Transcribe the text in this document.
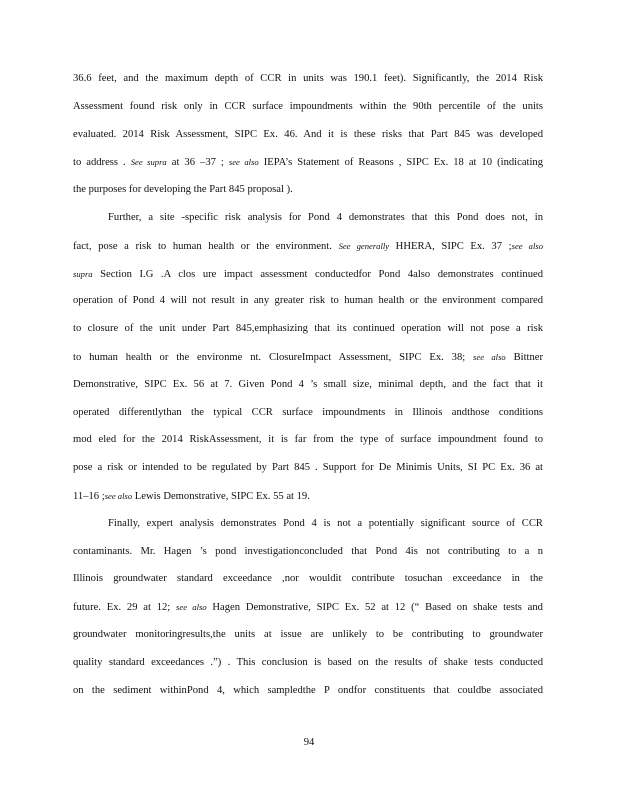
36.6 feet, and the maximum depth of CCR in units was 190.1 feet). Significantly, the 2014 Risk
Assessment found risk only in CCR surface impoundments within the 90th percentile of the units
evaluated. 2014 Risk Assessment, SIPC Ex. 46. And it is these risks that Part 845 was developed
to address . See supra at 36 –37 ; see also IEPA’s Statement of Reasons , SIPC Ex. 18 at 10 (indicating
the purposes for developing the Part 845 proposal ).
Further, a site -specific risk analysis for Pond 4 demonstrates that this Pond does not, in
fact, pose a risk to human health or the environment. See generally HHERA, SIPC Ex. 37 ;see also
supra Section I.G .A clos ure impact assessment conductedfor Pond 4also demonstrates continued
operation of Pond 4 will not result in any greater risk to human health or the environment compared
to closure of the unit under Part 845,emphasizing that its continued operation will not pose a risk
to human health or the environme nt. ClosureImpact Assessment, SIPC Ex. 38; see also Bittner
Demonstrative, SIPC Ex. 56 at 7. Given Pond 4 ’s small size, minimal depth, and the fact that it
operated differentlythan the typical CCR surface impoundments in Illinois andthose conditions
mod eled for the 2014 RiskAssessment, it is far from the type of surface impoundment found to
pose a risk or intended to be regulated by Part 845 . Support for De Minimis Units, SI PC Ex. 36 at
11–16 ;see also Lewis Demonstrative, SIPC Ex. 55 at 19.
Finally, expert analysis demonstrates Pond 4 is not a potentially significant source of CCR
contaminants. Mr. Hagen ’s pond investigationconcluded that Pond 4is not contributing to a n
Illinois groundwater standard exceedance ,nor wouldit contribute tosuchan exceedance in the
future. Ex. 29 at 12; see also Hagen Demonstrative, SIPC Ex. 52 at 12 (“ Based on shake tests and
groundwater monitoringresults,the units at issue are unlikely to be contributing to groundwater
quality standard exceedances .”) . This conclusion is based on the results of shake tests conducted
on the sediment withinPond 4, which sampledthe P ondfor constituents that couldbe associated
94
